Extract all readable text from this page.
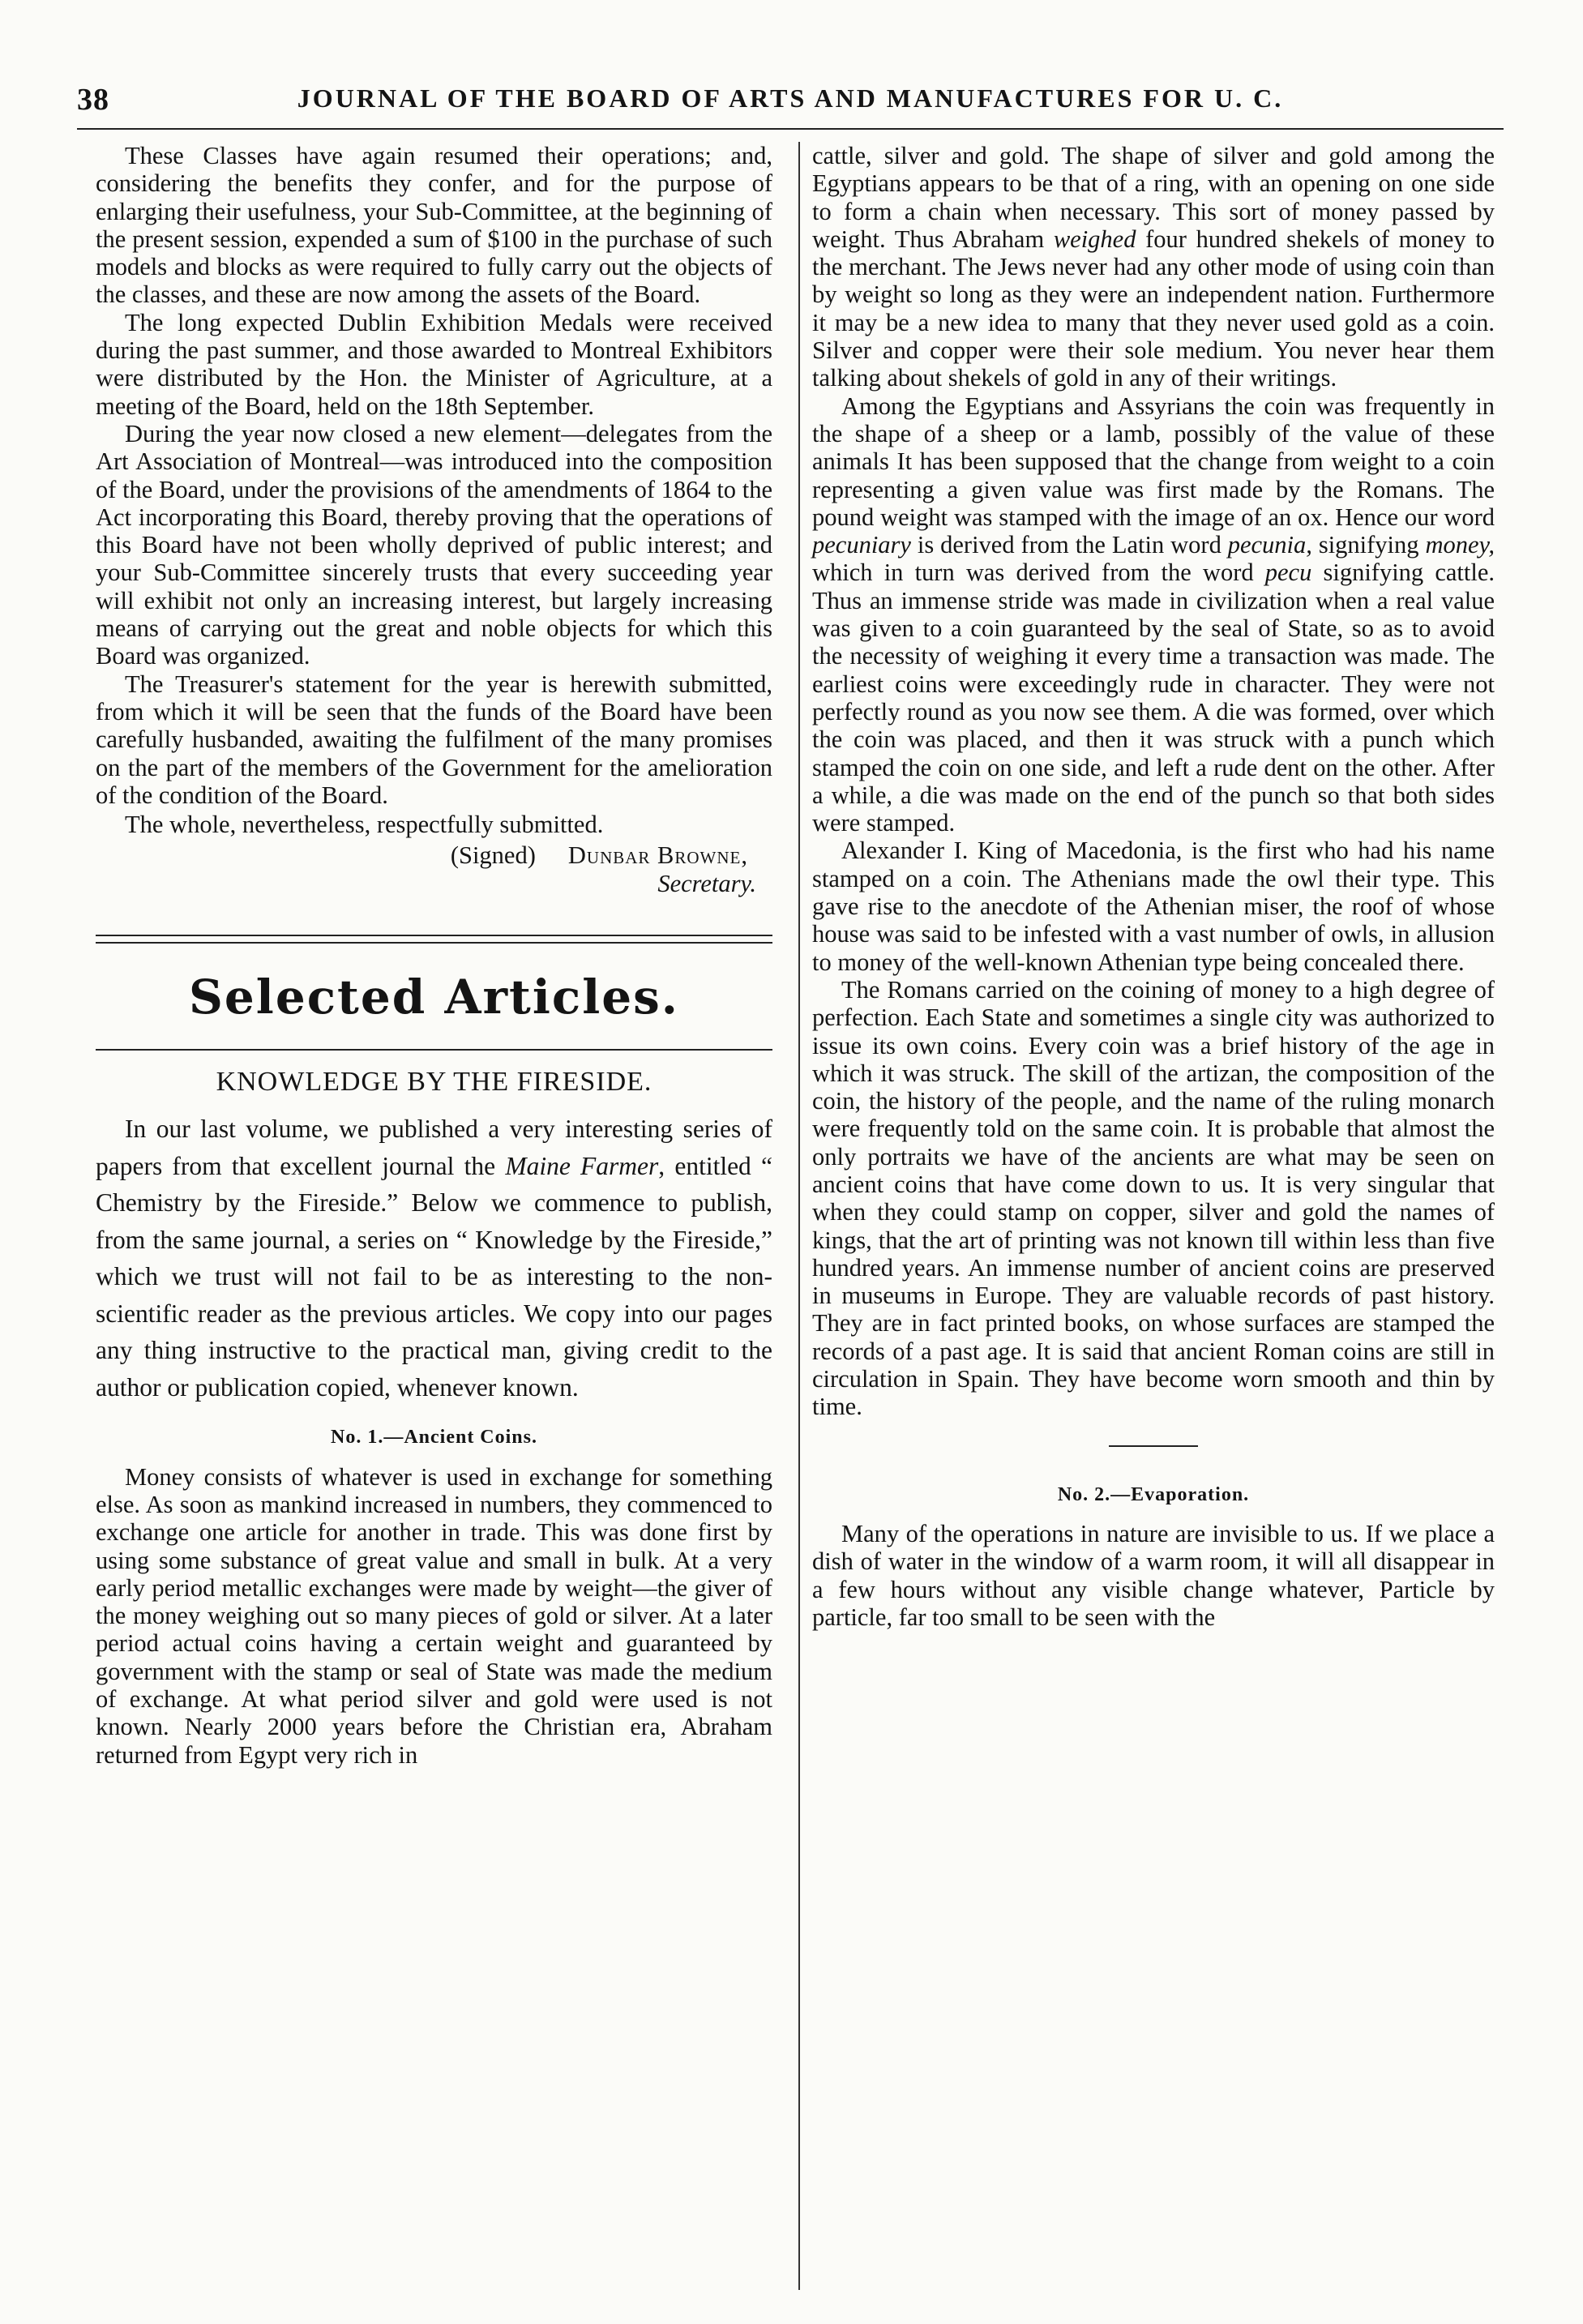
38	JOURNAL OF THE BOARD OF ARTS AND MANUFACTURES FOR U. C.

These Classes have again resumed their operations; and, considering the benefits they confer, and for the purpose of enlarging their usefulness, your Sub-Committee, at the beginning of the present session, expended a sum of $100 in the purchase of such models and blocks as were required to fully carry out the objects of the classes, and these are now among the assets of the Board.

The long expected Dublin Exhibition Medals were received during the past summer, and those awarded to Montreal Exhibitors were distributed by the Hon. the Minister of Agriculture, at a meeting of the Board, held on the 18th September.

During the year now closed a new element—delegates from the Art Association of Montreal—was introduced into the composition of the Board, under the provisions of the amendments of 1864 to the Act incorporating this Board, thereby proving that the operations of this Board have not been wholly deprived of public interest; and your Sub-Committee sincerely trusts that every succeeding year will exhibit not only an increasing interest, but largely increasing means of carrying out the great and noble objects for which this Board was organized.

The Treasurer's statement for the year is herewith submitted, from which it will be seen that the funds of the Board have been carefully husbanded, awaiting the fulfilment of the many promises on the part of the members of the Government for the amelioration of the condition of the Board.

The whole, nevertheless, respectfully submitted.

(Signed) Dunbar Browne,
Secretary.
Selected Articles.
KNOWLEDGE BY THE FIRESIDE.

In our last volume, we published a very interesting series of papers from that excellent journal the Maine Farmer, entitled “ Chemistry by the Fireside.” Below we commence to publish, from the same journal, a series on “ Knowledge by the Fireside,” which we trust will not fail to be as interesting to the non-scientific reader as the previous articles. We copy into our pages any thing instructive to the practical man, giving credit to the author or publication copied, whenever known.

No. 1.—Ancient Coins.

Money consists of whatever is used in exchange for something else. As soon as mankind increased in numbers, they commenced to exchange one article for another in trade. This was done first by using some substance of great value and small in bulk. At a very early period metallic exchanges were made by weight—the giver of the money weighing out so many pieces of gold or silver. At a later period actual coins having a certain weight and guaranteed by government with the stamp or seal of State was made the medium of exchange. At what period silver and gold were used is not known. Nearly 2000 years before the Christian era, Abraham returned from Egypt very rich in

cattle, silver and gold. The shape of silver and gold among the Egyptians appears to be that of a ring, with an opening on one side to form a chain when necessary. This sort of money passed by weight. Thus Abraham weighed four hundred shekels of money to the merchant. The Jews never had any other mode of using coin than by weight so long as they were an independent nation. Furthermore it may be a new idea to many that they never used gold as a coin. Silver and copper were their sole medium. You never hear them talking about shekels of gold in any of their writings.

Among the Egyptians and Assyrians the coin was frequently in the shape of a sheep or a lamb, possibly of the value of these animals It has been supposed that the change from weight to a coin representing a given value was first made by the Romans. The pound weight was stamped with the image of an ox. Hence our word pecuniary is derived from the Latin word pecunia, signifying money, which in turn was derived from the word pecu signifying cattle. Thus an immense stride was made in civilization when a real value was given to a coin guaranteed by the seal of State, so as to avoid the necessity of weighing it every time a transaction was made. The earliest coins were exceedingly rude in character. They were not perfectly round as you now see them. A die was formed, over which the coin was placed, and then it was struck with a punch which stamped the coin on one side, and left a rude dent on the other. After a while, a die was made on the end of the punch so that both sides were stamped.

Alexander I. King of Macedonia, is the first who had his name stamped on a coin. The Athenians made the owl their type. This gave rise to the anecdote of the Athenian miser, the roof of whose house was said to be infested with a vast number of owls, in allusion to money of the well-known Athenian type being concealed there.

The Romans carried on the coining of money to a high degree of perfection. Each State and sometimes a single city was authorized to issue its own coins. Every coin was a brief history of the age in which it was struck. The skill of the artizan, the composition of the coin, the history of the people, and the name of the ruling monarch were frequently told on the same coin. It is probable that almost the only portraits we have of the ancients are what may be seen on ancient coins that have come down to us. It is very singular that when they could stamp on copper, silver and gold the names of kings, that the art of printing was not known till within less than five hundred years. An immense number of ancient coins are preserved in museums in Europe. They are valuable records of past history. They are in fact printed books, on whose surfaces are stamped the records of a past age. It is said that ancient Roman coins are still in circulation in Spain. They have become worn smooth and thin by time.

No. 2.—Evaporation.

Many of the operations in nature are invisible to us. If we place a dish of water in the window of a warm room, it will all disappear in a few hours without any visible change whatever, Particle by particle, far too small to be seen with the
